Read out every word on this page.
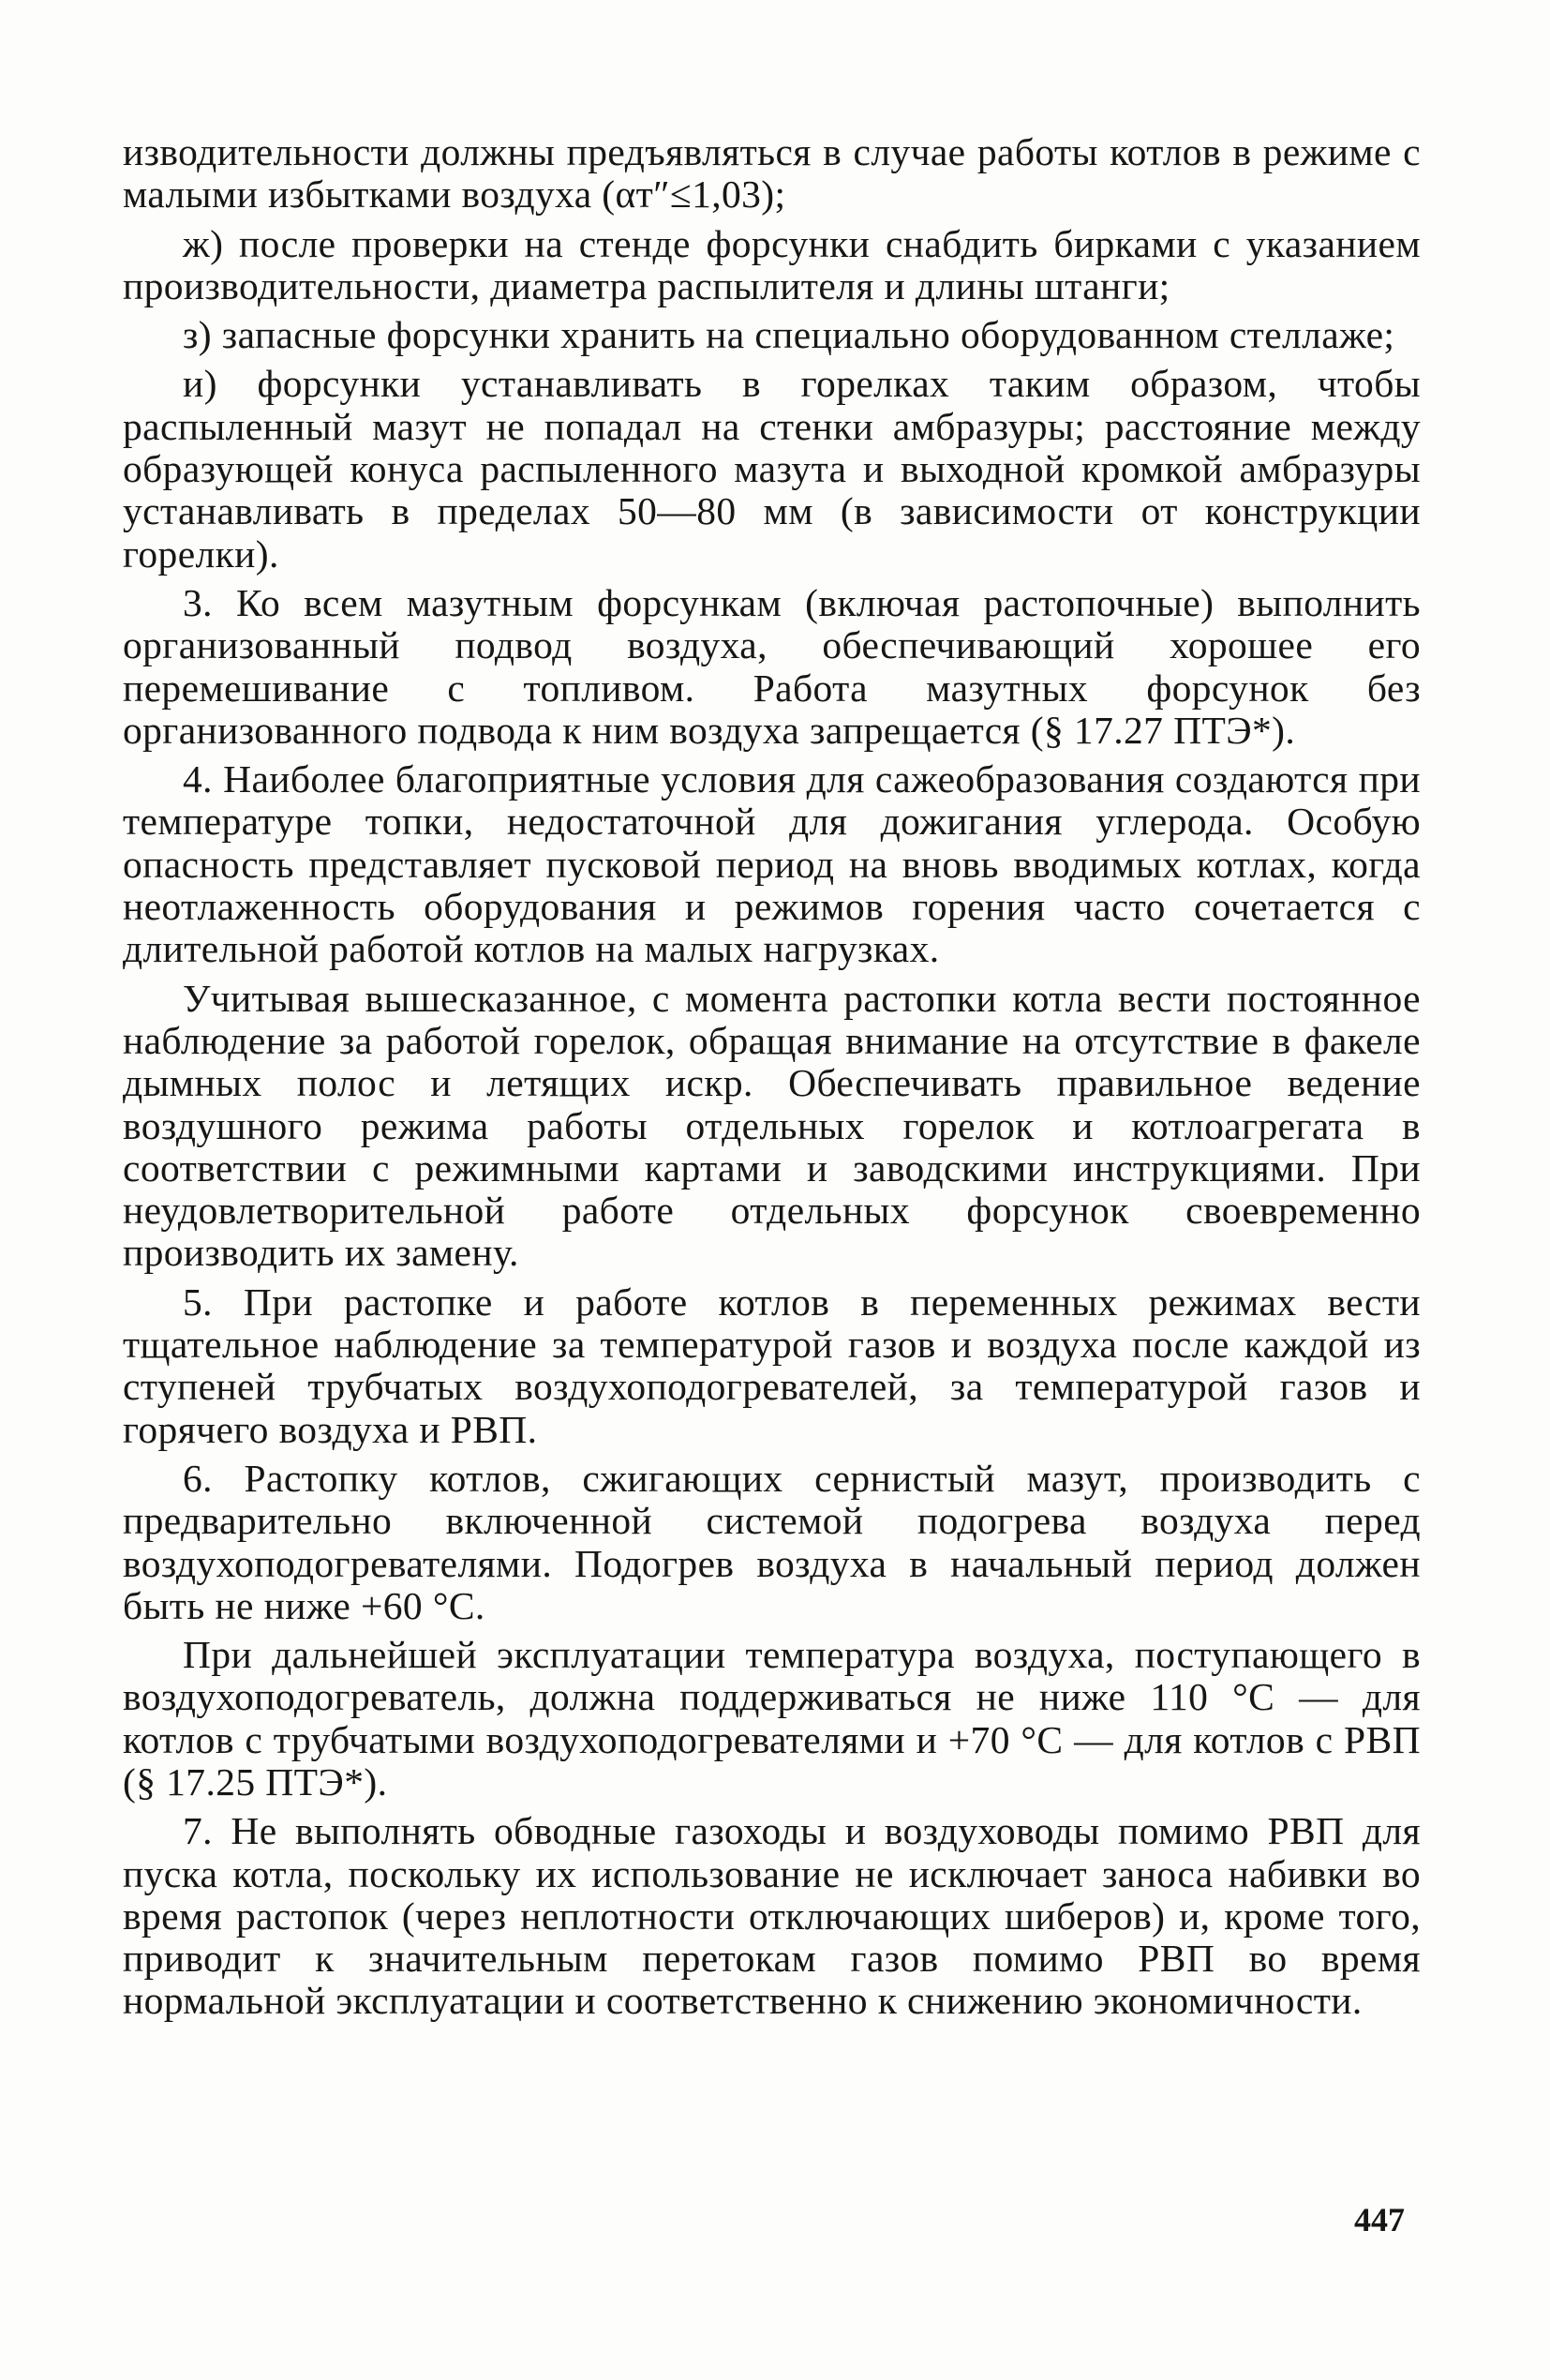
изводительности должны предъявляться в случае работы котлов в режиме с малыми избытками воздуха (αт″≤1,03);

ж) после проверки на стенде форсунки снабдить бирками с указанием производительности, диаметра распылителя и длины штанги;

з) запасные форсунки хранить на специально оборудованном стеллаже;

и) форсунки устанавливать в горелках таким образом, чтобы распыленный мазут не попадал на стенки амбразуры; расстояние между образующей конуса распыленного мазута и выходной кромкой амбразуры устанавливать в пределах 50—80 мм (в зависимости от конструкции горелки).

3. Ко всем мазутным форсункам (включая растопочные) выполнить организованный подвод воздуха, обеспечивающий хорошее его перемешивание с топливом. Работа мазутных форсунок без организованного подвода к ним воздуха запрещается (§ 17.27 ПТЭ*).

4. Наиболее благоприятные условия для сажеобразования создаются при температуре топки, недостаточной для дожигания углерода. Особую опасность представляет пусковой период на вновь вводимых котлах, когда неотлаженность оборудования и режимов горения часто сочетается с длительной работой котлов на малых нагрузках.

Учитывая вышесказанное, с момента растопки котла вести постоянное наблюдение за работой горелок, обращая внимание на отсутствие в факеле дымных полос и летящих искр. Обеспечивать правильное ведение воздушного режима работы отдельных горелок и котлоагрегата в соответствии с режимными картами и заводскими инструкциями. При неудовлетворительной работе отдельных форсунок своевременно производить их замену.

5. При растопке и работе котлов в переменных режимах вести тщательное наблюдение за температурой газов и воздуха после каждой из ступеней трубчатых воздухоподогревателей, за температурой газов и горячего воздуха и РВП.

6. Растопку котлов, сжигающих сернистый мазут, производить с предварительно включенной системой подогрева воздуха перед воздухоподогревателями. Подогрев воздуха в начальный период должен быть не ниже +60 °С.

При дальнейшей эксплуатации температура воздуха, поступающего в воздухоподогреватель, должна поддерживаться не ниже 110 °С — для котлов с трубчатыми воздухоподогревателями и +70 °С — для котлов с РВП (§ 17.25 ПТЭ*).

7. Не выполнять обводные газоходы и воздуховоды помимо РВП для пуска котла, поскольку их использование не исключает заноса набивки во время растопок (через неплотности отключающих шиберов) и, кроме того, приводит к значительным перетокам газов помимо РВП во время нормальной эксплуатации и соответственно к снижению экономичности.

447
